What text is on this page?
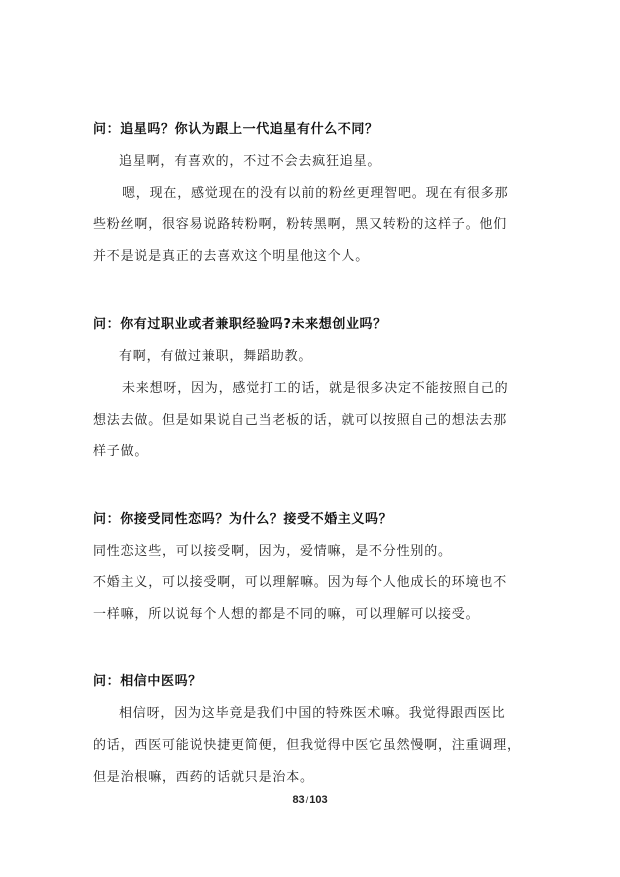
问：追星吗？你认为跟上一代追星有什么不同？
追星啊，有喜欢的，不过不会去疯狂追星。
嗯，现在，感觉现在的没有以前的粉丝更理智吧。现在有很多那
些粉丝啊，很容易说路转粉啊，粉转黑啊，黑又转粉的这样子。他们
并不是说是真正的去喜欢这个明星他这个人。
问：你有过职业或者兼职经验吗?未来想创业吗？
有啊，有做过兼职，舞蹈助教。
未来想呀，因为，感觉打工的话，就是很多决定不能按照自己的
想法去做。但是如果说自己当老板的话，就可以按照自己的想法去那
样子做。
问：你接受同性恋吗？为什么？接受不婚主义吗？
同性恋这些，可以接受啊，因为，爱情嘛，是不分性别的。
不婚主义，可以接受啊，可以理解嘛。因为每个人他成长的环境也不
一样嘛，所以说每个人想的都是不同的嘛，可以理解可以接受。
问：相信中医吗？
相信呀，因为这毕竟是我们中国的特殊医术嘛。我觉得跟西医比
的话，西医可能说快捷更简便，但我觉得中医它虽然慢啊，注重调理，
但是治根嘛，西药的话就只是治本。
83/103
